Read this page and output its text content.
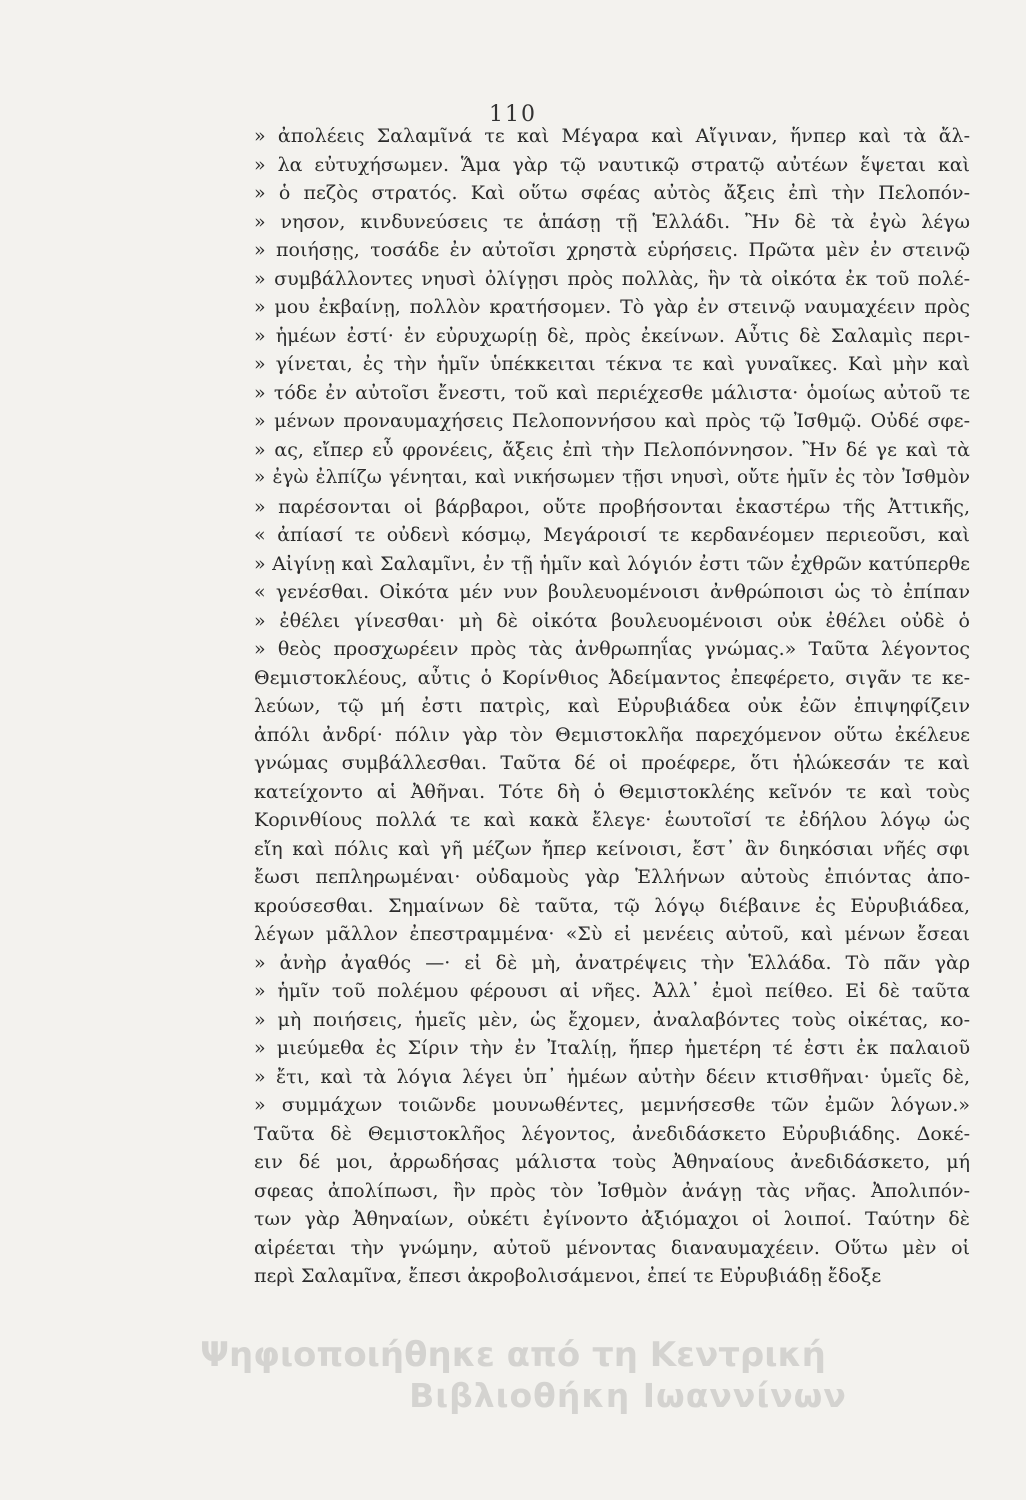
110
» ἀπολέεις Σαλαμῖνά τε καὶ Μέγαρα καὶ Αἴγιναν, ἥνπερ καὶ τὰ ἄλ-
» λα εὐτυχήσωμεν. Ἅμα γὰρ τῷ ναυτικῷ στρατῷ αὐτέων ἕψεται καὶ
» ὁ πεζὸς στρατός. Καὶ οὕτω σφέας αὐτὸς ἄξεις ἐπὶ τὴν Πελοπόν-
» νησον, κινδυνεύσεις τε ἁπάσῃ τῇ Ἑλλάδι. Ἢν δὲ τὰ ἐγὼ λέγω
» ποιήσῃς, τοσάδε ἐν αὐτοῖσι χρηστὰ εὑρήσεις. Πρῶτα μὲν ἐν στεινῷ
» συμβάλλοντες νηυσὶ ὀλίγῃσι πρὸς πολλὰς, ἢν τὰ οἰκότα ἐκ τοῦ πολέ-
» μου ἐκβαίνῃ, πολλὸν κρατήσομεν. Τὸ γὰρ ἐν στεινῷ ναυμαχέειν πρὸς
» ἡμέων ἐστί· ἐν εὐρυχωρίῃ δὲ, πρὸς ἐκείνων. Αὖτις δὲ Σαλαμὶς περι-
» γίνεται, ἐς τὴν ἡμῖν ὑπέκκειται τέκνα τε καὶ γυναῖκες. Καὶ μὴν καὶ
» τόδε ἐν αὐτοῖσι ἔνεστι, τοῦ καὶ περιέχεσθε μάλιστα· ὁμοίως αὐτοῦ τε
» μένων προναυμαχήσεις Πελοποννήσου καὶ πρὸς τῷ Ἰσθμῷ. Οὐδέ σφε-
» ας, εἴπερ εὖ φρονέεις, ἄξεις ἐπὶ τὴν Πελοπόννησον. Ἢν δέ γε καὶ τὰ
» ἐγὼ ἐλπίζω γένηται, καὶ νικήσωμεν τῇσι νηυσὶ, οὔτε ἡμῖν ἐς τὸν Ἰσθμὸν
» παρέσονται οἱ βάρβαροι, οὔτε προβήσονται ἑκαστέρω τῆς Ἀττικῆς,
« ἀπίασί τε οὐδενὶ κόσμῳ, Μεγάροισί τε κερδανέομεν περιεοῦσι, καὶ
» Αἰγίνῃ καὶ Σαλαμῖνι, ἐν τῇ ἡμῖν καὶ λόγιόν ἐστι τῶν ἐχθρῶν κατύπερθε
« γενέσθαι. Οἰκότα μέν νυν βουλευομένοισι ἀνθρώποισι ὡς τὸ ἐπίπαν
» ἐθέλει γίνεσθαι· μὴ δὲ οἰκότα βουλευομένοισι οὐκ ἐθέλει οὐδὲ ὁ
» θεὸς προσχωρέειν πρὸς τὰς ἀνθρωπηΐας γνώμας.» Ταῦτα λέγοντος
Θεμιστοκλέους, αὖτις ὁ Κορίνθιος Ἀδείμαντος ἐπεφέρετο, σιγᾶν τε κε-
λεύων, τῷ μή ἐστι πατρὶς, καὶ Εὐρυβιάδεα οὐκ ἐῶν ἐπιψηφίζειν
ἀπόλι ἀνδρί· πόλιν γὰρ τὸν Θεμιστοκλῆα παρεχόμενον οὕτω ἐκέλευε
γνώμας συμβάλλεσθαι. Ταῦτα δέ οἱ προέφερε, ὅτι ἡλώκεσάν τε καὶ
κατείχοντο αἱ Ἀθῆναι. Τότε δὴ ὁ Θεμιστοκλέης κεῖνόν τε καὶ τοὺς
Κορινθίους πολλά τε καὶ κακὰ ἔλεγε· ἑωυτοῖσί τε ἐδήλου λόγῳ ὡς
εἴη καὶ πόλις καὶ γῆ μέζων ἤπερ κείνοισι, ἔστ᾽ ἂν διηκόσιαι νῆές σφι
ἔωσι πεπληρωμέναι· οὐδαμοὺς γὰρ Ἑλλήνων αὐτοὺς ἐπιόντας ἀπο-
κρούσεσθαι. Σημαίνων δὲ ταῦτα, τῷ λόγῳ διέβαινε ἐς Εὐρυβιάδεα,
λέγων μᾶλλον ἐπεστραμμένα· «Σὺ εἰ μενέεις αὐτοῦ, καὶ μένων ἔσεαι
» ἀνὴρ ἀγαθός —· εἰ δὲ μὴ, ἀνατρέψεις τὴν Ἑλλάδα. Τὸ πᾶν γὰρ
» ἡμῖν τοῦ πολέμου φέρουσι αἱ νῆες. Ἀλλ᾽ ἐμοὶ πείθεο. Εἰ δὲ ταῦτα
» μὴ ποιήσεις, ἡμεῖς μὲν, ὡς ἔχομεν, ἀναλαβόντες τοὺς οἰκέτας, κο-
» μιεύμεθα ἐς Σίριν τὴν ἐν Ἰταλίῃ, ἥπερ ἡμετέρη τέ ἐστι ἐκ παλαιοῦ
» ἔτι, καὶ τὰ λόγια λέγει ὑπ᾽ ἡμέων αὐτὴν δέειν κτισθῆναι· ὑμεῖς δὲ,
» συμμάχων τοιῶνδε μουνωθέντες, μεμνήσεσθε τῶν ἐμῶν λόγων.»
Ταῦτα δὲ Θεμιστοκλῆος λέγοντος, ἀνεδιδάσκετο Εὐρυβιάδης. Δοκέ-
ειν δέ μοι, ἀρρωδήσας μάλιστα τοὺς Ἀθηναίους ἀνεδιδάσκετο, μή
σφεας ἀπολίπωσι, ἢν πρὸς τὸν Ἰσθμὸν ἀνάγῃ τὰς νῆας. Ἀπολιπόν-
των γὰρ Ἀθηναίων, οὐκέτι ἐγίνοντο ἀξιόμαχοι οἱ λοιποί. Ταύτην δὲ
αἱρέεται τὴν γνώμην, αὐτοῦ μένοντας διαναυμαχέειν. Οὕτω μὲν οἱ
περὶ Σαλαμῖνα, ἔπεσι ἀκροβολισάμενοι, ἐπεί τε Εὐρυβιάδῃ ἔδοξε
Ψηφιοποιήθηκε από τη Κεντρική
Βιβλιοθήκη Ιωαννίνων
